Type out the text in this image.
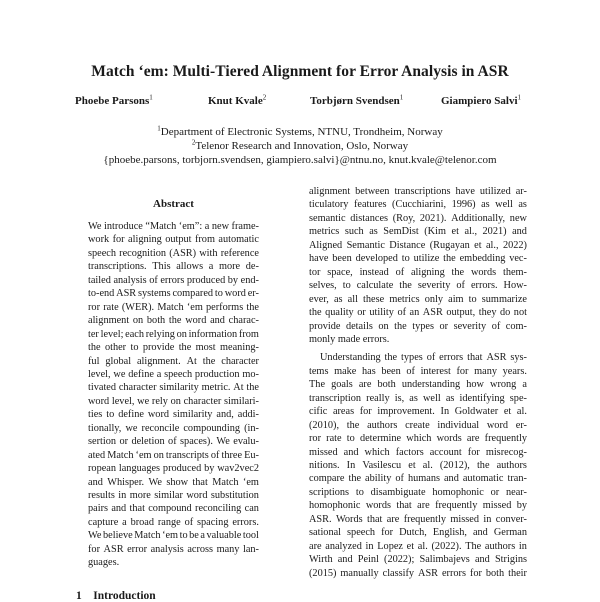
Match ‘em: Multi-Tiered Alignment for Error Analysis in ASR
Phoebe Parsons$^1$	Knut Kvale$^2$	Torbjørn Svendsen$^1$	Giampiero Salvi$^1$
$^1$Department of Electronic Systems, NTNU, Trondheim, Norway
$^2$Telenor Research and Innovation, Oslo, Norway
{phoebe.parsons, torbjorn.svendsen, giampiero.salvi}@ntnu.no, knut.kvale@telenor.com
Abstract
We introduce “Match ‘em”: a new frame-
work for aligning output from automatic
speech recognition (ASR) with reference
transcriptions. This allows a more de-
tailed analysis of errors produced by end-
to-end ASR systems compared to word er-
ror rate (WER). Match ‘em performs the
alignment on both the word and charac-
ter level; each relying on information from
the other to provide the most meaning-
ful global alignment. At the character
level, we define a speech production mo-
tivated character similarity metric. At the
word level, we rely on character similari-
ties to define word similarity and, addi-
tionally, we reconcile compounding (in-
sertion or deletion of spaces). We evalu-
ated Match ‘em on transcripts of three Eu-
ropean languages produced by wav2vec2
and Whisper. We show that Match ‘em
results in more similar word substitution
pairs and that compound reconciling can
capture a broad range of spacing errors.
We believe Match ‘em to be a valuable tool
for ASR error analysis across many lan-
guages.
alignment between transcriptions have utilized ar-
ticulatory features (Cucchiarini, 1996) as well as
semantic distances (Roy, 2021). Additionally, new
metrics such as SemDist (Kim et al., 2021) and
Aligned Semantic Distance (Rugayan et al., 2022)
have been developed to utilize the embedding vec-
tor space, instead of aligning the words them-
selves, to calculate the severity of errors. How-
ever, as all these metrics only aim to summarize
the quality or utility of an ASR output, they do not
provide details on the types or severity of com-
monly made errors.
Understanding the types of errors that ASR sys-
tems make has been of interest for many years.
The goals are both understanding how wrong a
transcription really is, as well as identifying spe-
cific areas for improvement. In Goldwater et al.
(2010), the authors create individual word er-
ror rate to determine which words are frequently
missed and which factors account for misrecog-
nitions. In Vasilescu et al. (2012), the authors
compare the ability of humans and automatic tran-
scriptions to disambiguate homophonic or near-
homophonic words that are frequently missed by
ASR. Words that are frequently missed in conver-
sational speech for Dutch, English, and German
are analyzed in Lopez et al. (2022). The authors in
Wirth and Peinl (2022); Salimbajevs and Strigins
(2015) manually classify ASR errors for both their
1 Introduction
